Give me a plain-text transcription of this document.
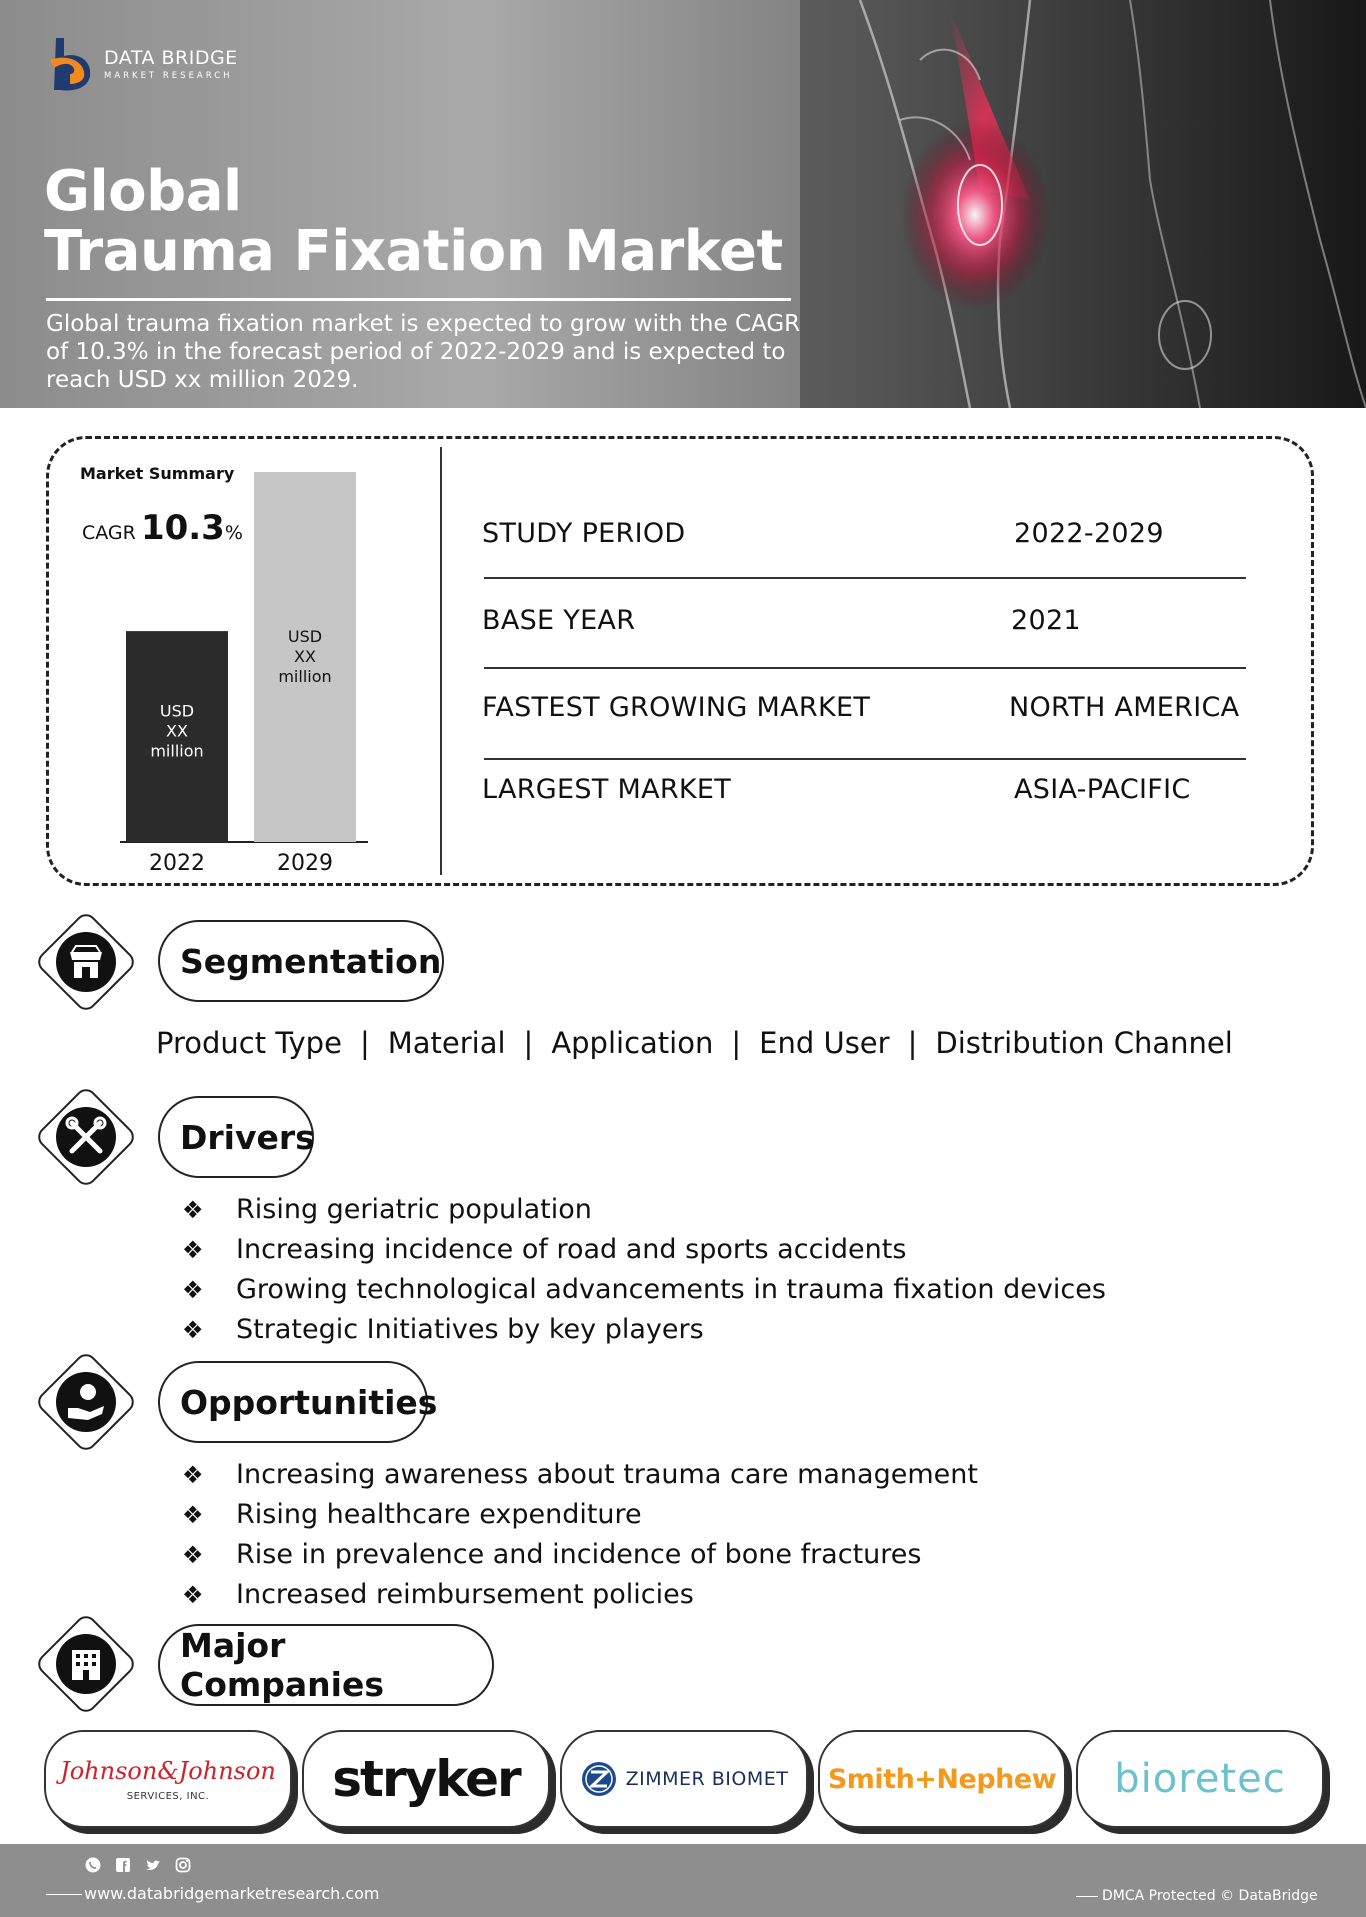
DATA BRIDGE
MARKET RESEARCH
Global
Trauma Fixation Market
Global trauma fixation market is expected to grow with the CAGR of 10.3% in the forecast period of 2022-2029 and is expected to reach USD xx million 2029.
USD
XX
million
2022
USD
XX
million
2029
Market Summary
CAGR 10.3%	STUDY PERIOD	2022-2029
BASE YEAR	2021
FASTEST GROWING MARKET	NORTH AMERICA
LARGEST MARKET	ASIA-PACIFIC
Segmentation
Product Type | Material | Application | End User | Distribution Channel
Drivers
❖ Rising geriatric population
❖ Increasing incidence of road and sports accidents
❖ Growing technological advancements in trauma fixation devices
❖ Strategic Initiatives by key players
Opportunities
❖ Increasing awareness about trauma care management
❖ Rising healthcare expenditure
❖ Rise in prevalence and incidence of bone fractures
❖ Increased reimbursement policies
Major Companies
Johnson&Johnson
SERVICES, INC.	stryker	ZIMMER BIOMET Smith+Nephew bioretec
www.databridgemarketresearch.com	DMCA Protected © DataBridge
